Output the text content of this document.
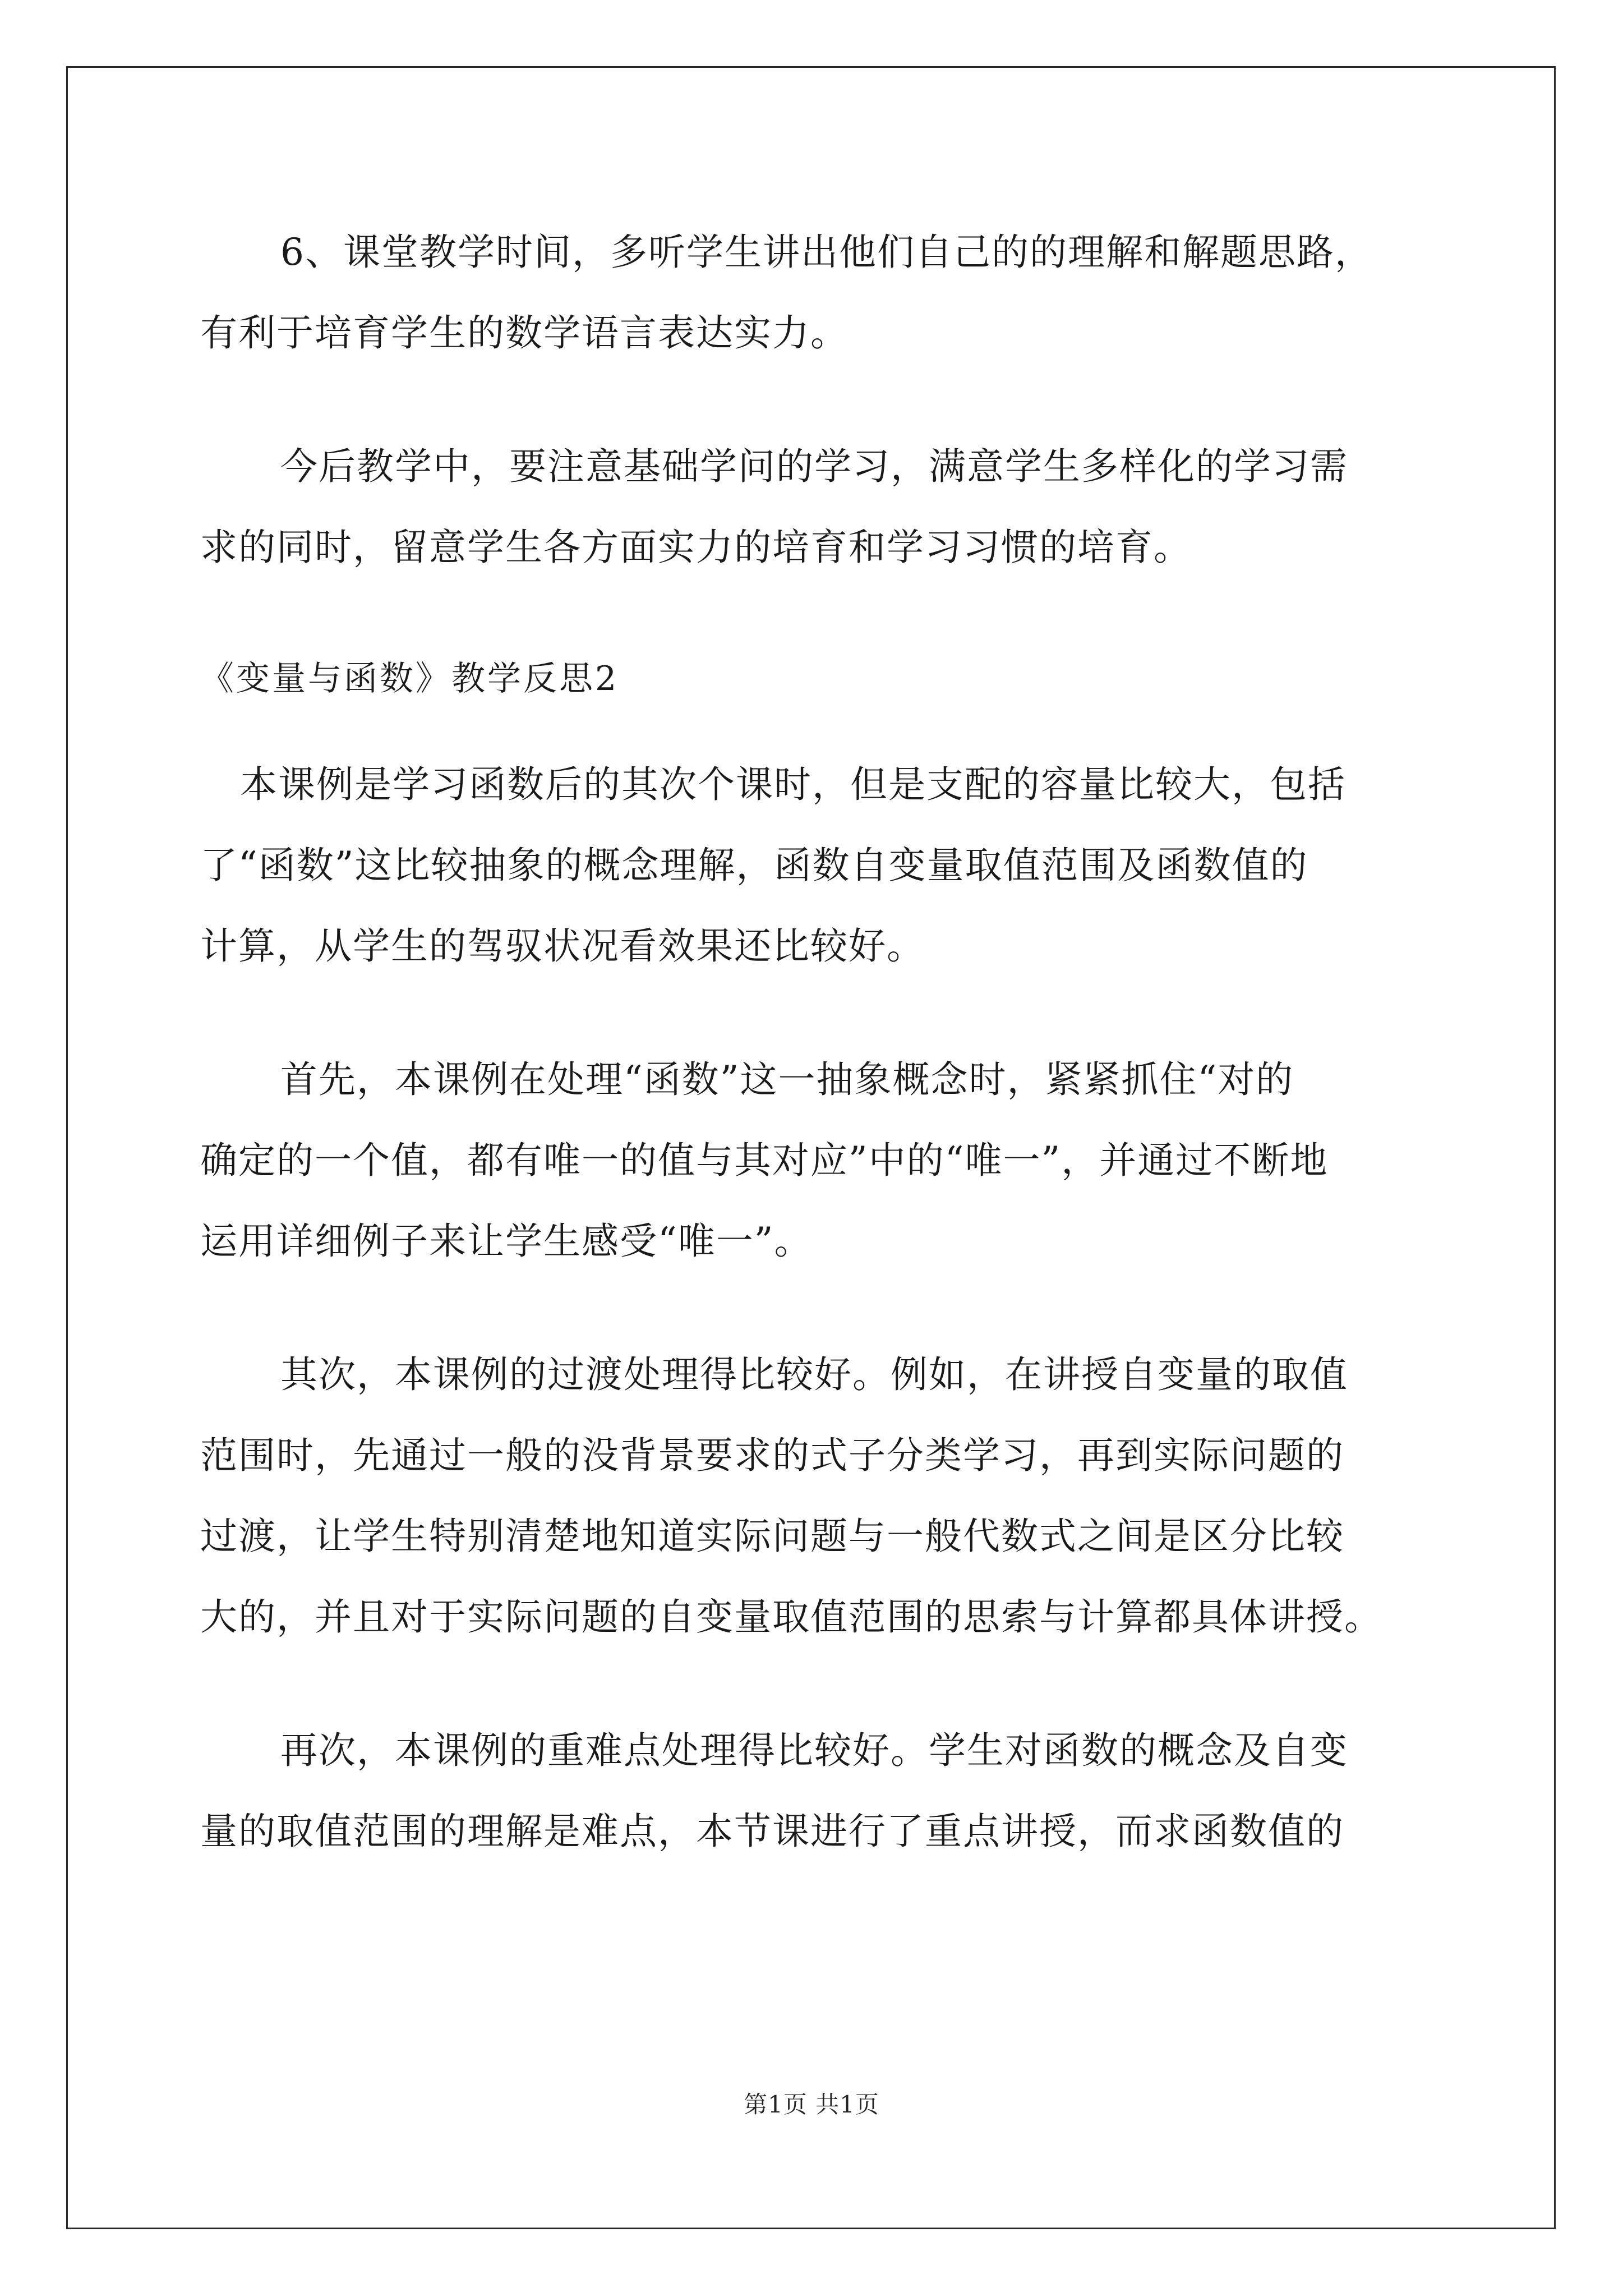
6、课堂教学时间，多听学生讲出他们自己的的理解和解题思路，

有利于培育学生的数学语言表达实力。

今后教学中，要注意基础学问的学习，满意学生多样化的学习需

求的同时，留意学生各方面实力的培育和学习习惯的培育。

《变量与函数》教学反思2

本课例是学习函数后的其次个课时，但是支配的容量比较大，包括

了“函数”这比较抽象的概念理解，函数自变量取值范围及函数值的

计算，从学生的驾驭状况看效果还比较好。

首先，本课例在处理“函数”这一抽象概念时，紧紧抓住“对的

确定的一个值，都有唯一的值与其对应”中的“唯一”，并通过不断地

运用详细例子来让学生感受“唯一”。

其次，本课例的过渡处理得比较好。例如，在讲授自变量的取值

范围时，先通过一般的没背景要求的式子分类学习，再到实际问题的

过渡，让学生特别清楚地知道实际问题与一般代数式之间是区分比较

大的，并且对于实际问题的自变量取值范围的思索与计算都具体讲授。

再次，本课例的重难点处理得比较好。学生对函数的概念及自变

量的取值范围的理解是难点，本节课进行了重点讲授，而求函数值的

第1页 共1页
